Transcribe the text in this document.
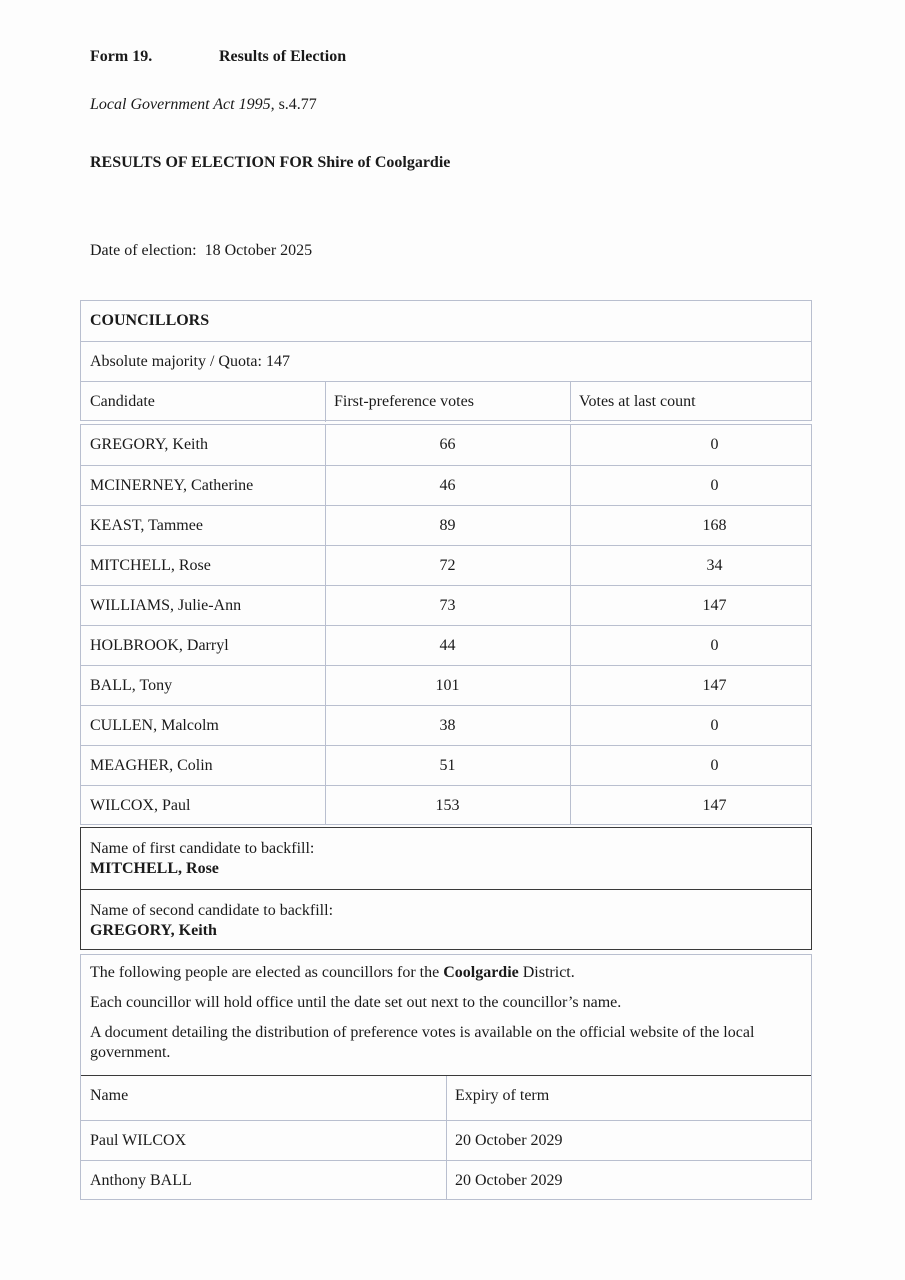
Form 19.	Results of Election
Local Government Act 1995, s.4.77
RESULTS OF ELECTION FOR Shire of Coolgardie
Date of election: 18 October 2025
COUNCILLORS
Absolute majority / Quota:
147
Candidate	First-preference votes	Votes at last count
GREGORY, Keith	66	0
MCINERNEY, Catherine	46	0
KEAST, Tammee	89	168
MITCHELL, Rose	72	34
WILLIAMS, Julie-Ann	73	147
HOLBROOK, Darryl	44	0
BALL, Tony	101	147
CULLEN, Malcolm	38	0
MEAGHER, Colin	51	0
WILCOX, Paul	153	147
Name of first candidate to backfill:
MITCHELL, Rose
Name of second candidate to backfill:
GREGORY, Keith

The following people are elected as councillors for the Coolgardie District.

Each councillor will hold office until the date set out next to the councillor’s name.

A document detailing the distribution of preference votes is available on the official website of the local government.

Name	Expiry of term
Paul WILCOX	20 October 2029
Anthony BALL	20 October 2029
